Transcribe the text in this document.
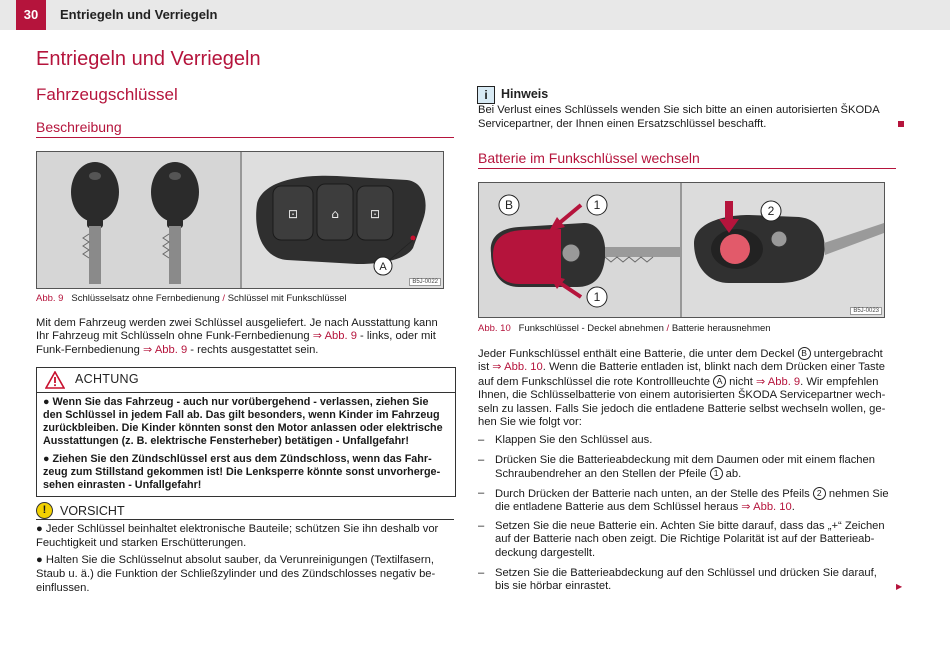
30	Entriegeln und Verriegeln
Entriegeln und Verriegeln
Fahrzeugschlüssel
Beschreibung
⊡	⌂	⊡
A
B5J-0022
Abb. 9 Schlüsselsatz ohne Fernbedienung / Schlüssel mit Funkschlüssel
Mit dem Fahrzeug werden zwei Schlüssel ausgeliefert. Je nach Ausstattung kann
Ihr Fahrzeug mit Schlüsseln ohne Funk-Fernbedienung ⇒ Abb. 9 - links, oder mit
Funk-Fernbedienung ⇒ Abb. 9 - rechts ausgestattet sein.
ACHTUNG
● Wenn Sie das Fahrzeug - auch nur vorübergehend - verlassen, ziehen Sie
den Schlüssel in jedem Fall ab. Das gilt besonders, wenn Kinder im Fahrzeug
zurückbleiben. Die Kinder könnten sonst den Motor anlassen oder elektrische
Ausstattungen (z. B. elektrische Fensterheber) betätigen - Unfallgefahr!
● Ziehen Sie den Zündschlüssel erst aus dem Zündschloss, wenn das Fahr-
zeug zum Stillstand gekommen ist! Die Lenksperre könnte sonst unvorherge-
sehen einrasten - Unfallgefahr!
!	VORSICHT
● Jeder Schlüssel beinhaltet elektronische Bauteile; schützen Sie ihn deshalb vor
Feuchtigkeit und starken Erschütterungen.
● Halten Sie die Schlüsselnut absolut sauber, da Verunreinigungen (Textilfasern,
Staub u. ä.) die Funktion der Schließzylinder und des Zündschlosses negativ be-
einflussen.
i	Hinweis
Bei Verlust eines Schlüssels wenden Sie sich bitte an einen autorisierten ŠKODA
Servicepartner, der Ihnen einen Ersatzschlüssel beschafft.
Batterie im Funkschlüssel wechseln
B	1
1
2
B5J-0023
Abb. 10 Funkschlüssel - Deckel abnehmen / Batterie herausnehmen
Jeder Funkschlüssel enthält eine Batterie, die unter dem Deckel B untergebracht
ist ⇒ Abb. 10. Wenn die Batterie entladen ist, blinkt nach dem Drücken einer Taste
auf dem Funkschlüssel die rote Kontrollleuchte A nicht ⇒ Abb. 9. Wir empfehlen
Ihnen, die Schlüsselbatterie von einem autorisierten ŠKODA Servicepartner wech-
seln zu lassen. Falls Sie jedoch die entladene Batterie selbst wechseln wollen, ge-
hen Sie wie folgt vor:
– Klappen Sie den Schlüssel aus.
– Drücken Sie die Batterieabdeckung mit dem Daumen oder mit einem flachen
Schraubendreher an den Stellen der Pfeile 1 ab.
– Durch Drücken der Batterie nach unten, an der Stelle des Pfeils 2 nehmen Sie
die entladene Batterie aus dem Schlüssel heraus ⇒ Abb. 10.
– Setzen Sie die neue Batterie ein. Achten Sie bitte darauf, dass das „+“ Zeichen
auf der Batterie nach oben zeigt. Die Richtige Polarität ist auf der Batterieab-
deckung dargestellt.
– Setzen Sie die Batterieabdeckung auf den Schlüssel und drücken Sie darauf,
bis sie hörbar einrastet.	▶
